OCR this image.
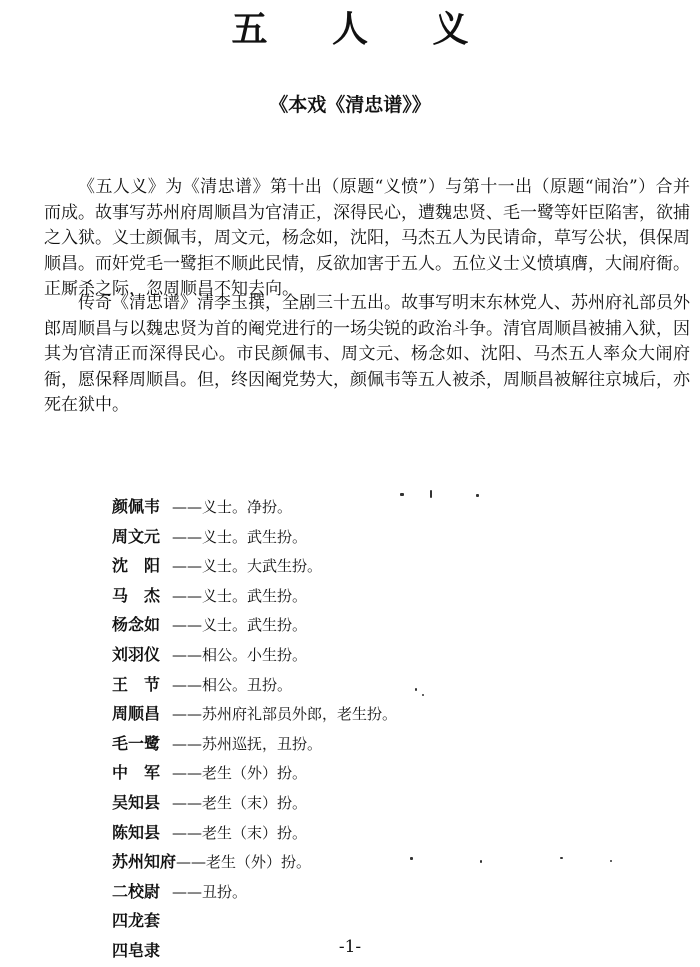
五 人 义
《本戏《清忠谱》》

《五人义》为《清忠谱》第十出（原题“义愤”）与第十一出（原题“闹治”）合并而成。故事写苏州府周顺昌为官清正，深得民心，遭魏忠贤、毛一鹭等奸臣陷害，欲捕之入狱。义士颜佩韦，周文元，杨念如，沈阳，马杰五人为民请命，草写公状，俱保周顺昌。而奸党毛一鹭拒不顺此民情，反欲加害于五人。五位义士义愤填膺，大闹府衙。正厮杀之际，忽周顺昌不知去向。

传奇《清忠谱》清李玉撰，全剧三十五出。故事写明末东林党人、苏州府礼部员外郎周顺昌与以魏忠贤为首的阉党进行的一场尖锐的政治斗争。清官周顺昌被捕入狱，因其为官清正而深得民心。市民颜佩韦、周文元、杨念如、沈阳、马杰五人率众大闹府衙，愿保释周顺昌。但，终因阉党势大，颜佩韦等五人被杀，周顺昌被解往京城后，亦死在狱中。

颜佩韦 ——义士。净扮。
周文元 ——义士。武生扮。
沈　阳 ——义士。大武生扮。
马　杰 ——义士。武生扮。
杨念如 ——义士。武生扮。
刘羽仪 ——相公。小生扮。
王　节 ——相公。丑扮。
周顺昌 ——苏州府礼部员外郎，老生扮。
毛一鹭 ——苏州巡抚，丑扮。
中　军 ——老生（外）扮。
吴知县 ——老生（末）扮。
陈知县 ——老生（末）扮。
苏州知府——老生（外）扮。
二校尉 ——丑扮。
四龙套
四皂隶	-1-
